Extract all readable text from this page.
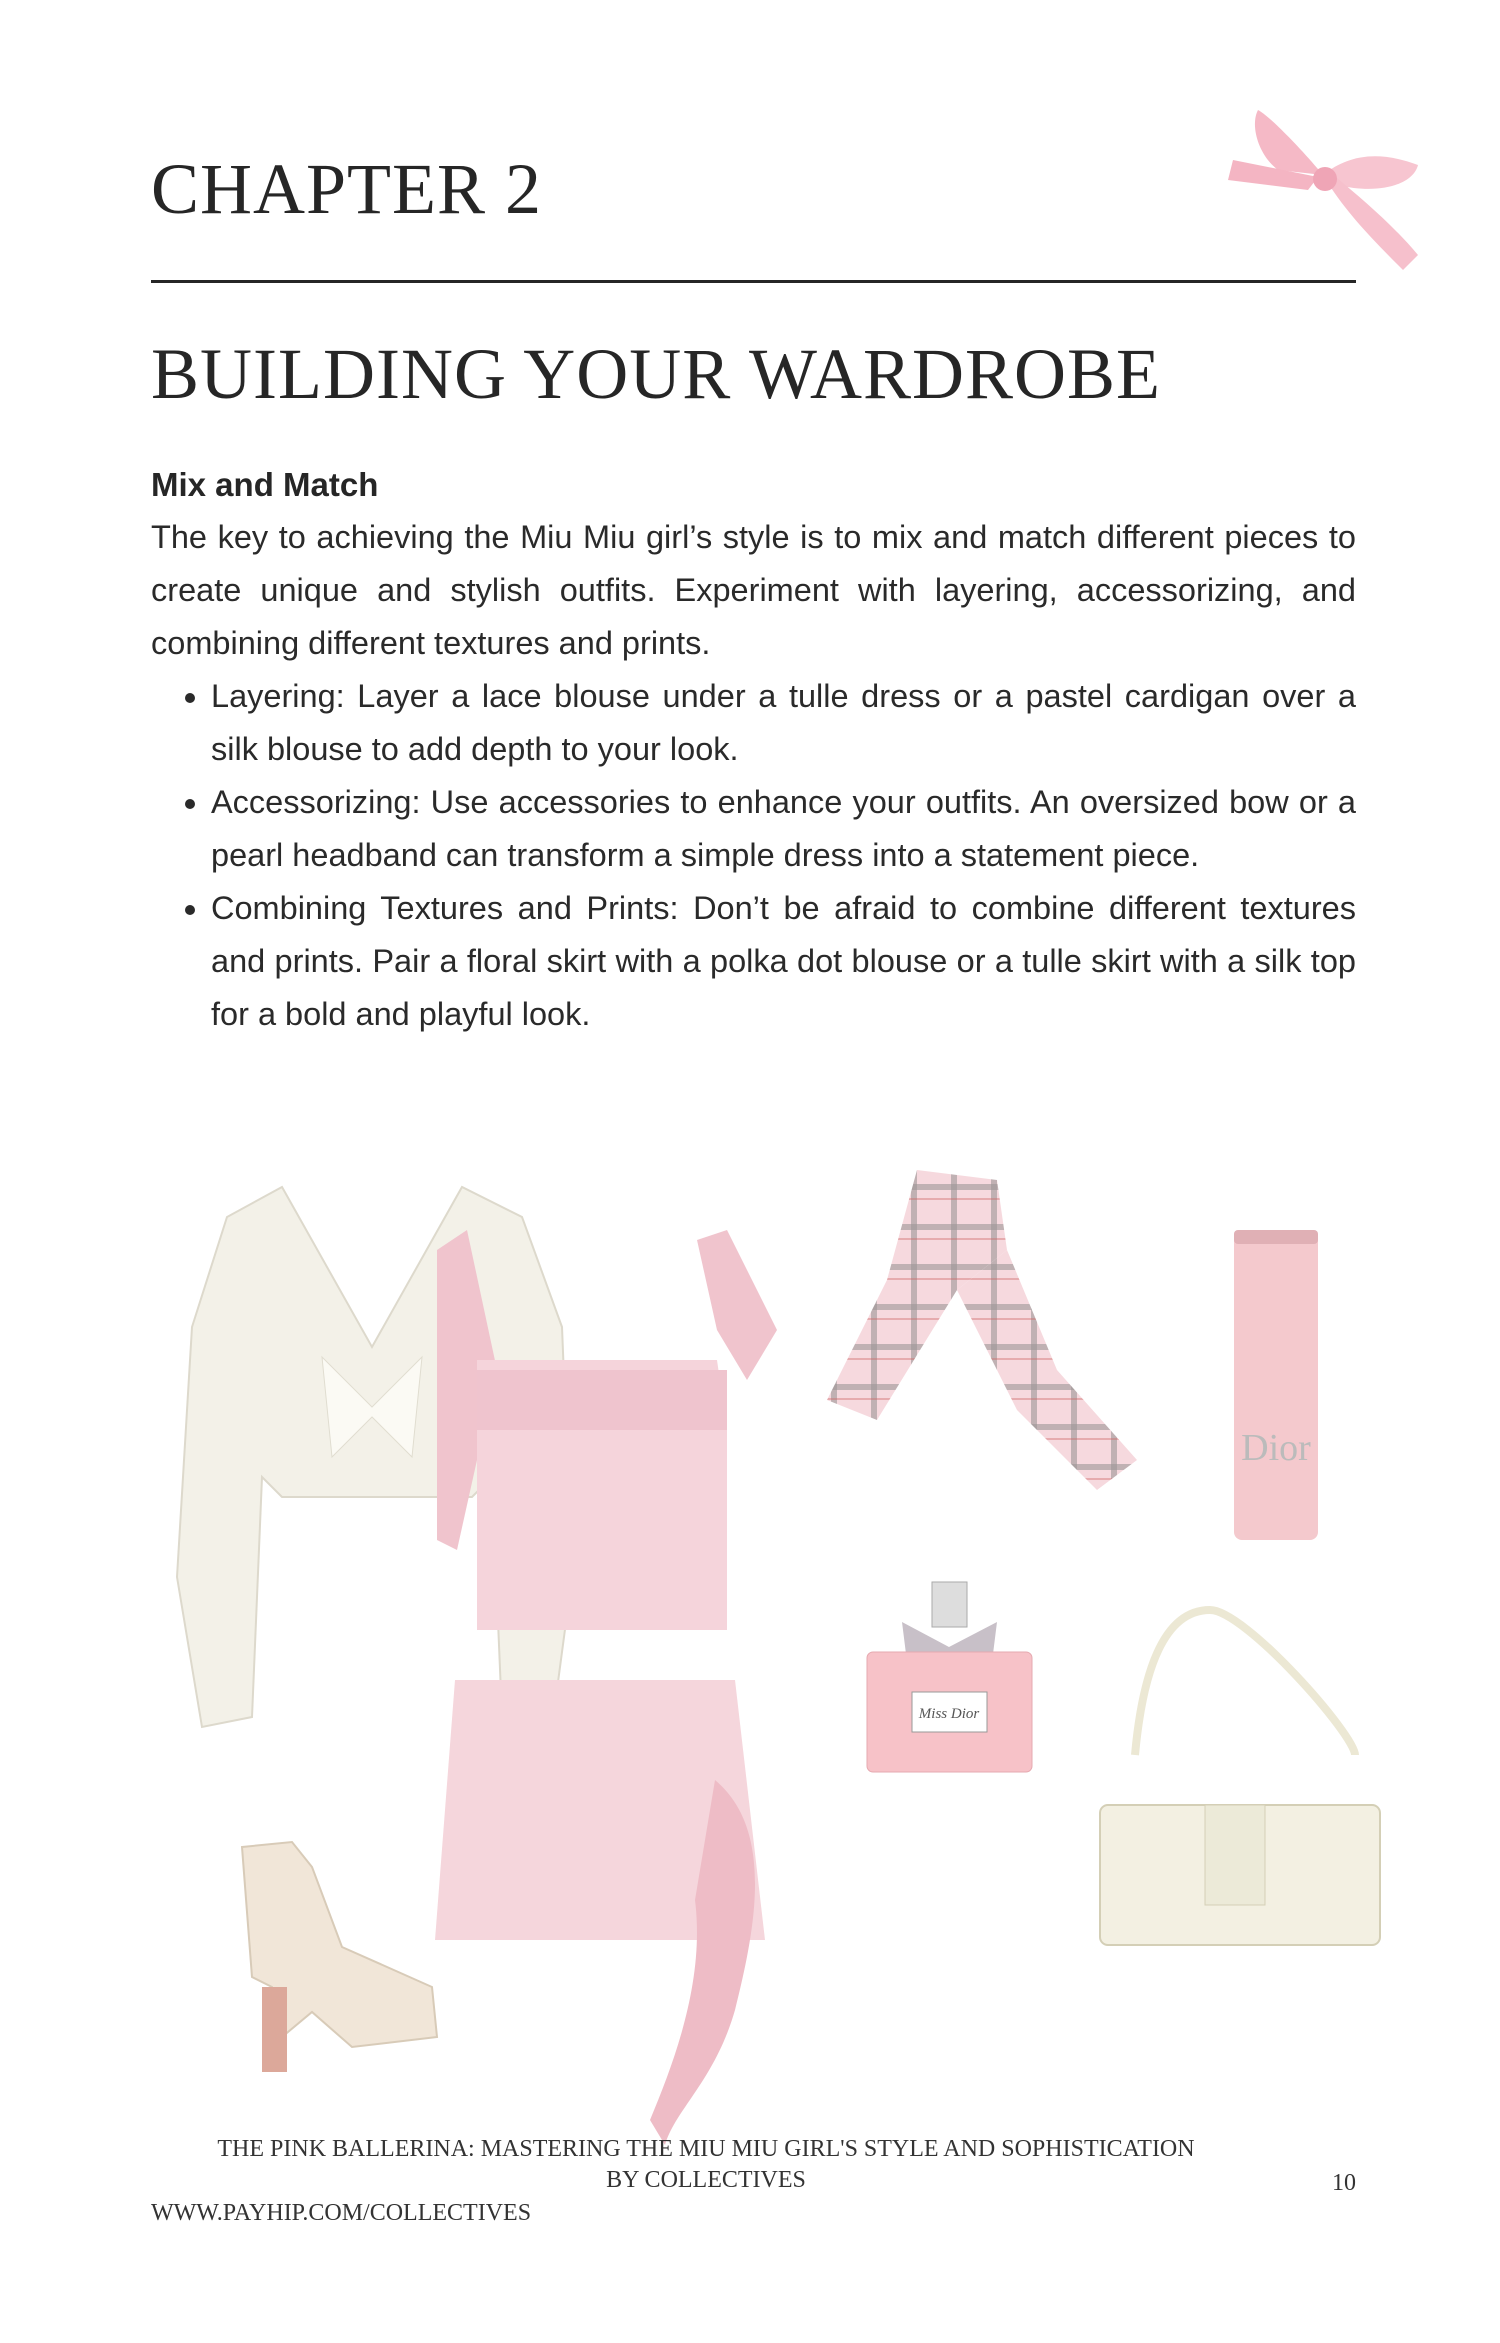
CHAPTER 2
BUILDING YOUR WARDROBE
Mix and Match

The key to achieving the Miu Miu girl’s style is to mix and match different pieces to create unique and stylish outfits. Experiment with layering, accessorizing, and combining different textures and prints.

• Layering: Layer a lace blouse under a tulle dress or a pastel cardigan over a silk blouse to add depth to your look.
• Accessorizing: Use accessories to enhance your outfits. An oversized bow or a pearl headband can transform a simple dress into a statement piece.
• Combining Textures and Prints: Don’t be afraid to combine different textures and prints. Pair a floral skirt with a polka dot blouse or a tulle skirt with a silk top for a bold and playful look.
Dior
Miss Dior
THE PINK BALLERINA: MASTERING THE MIU MIU GIRL'S STYLE AND SOPHISTICATION
BY COLLECTIVES	10
WWW.PAYHIP.COM/COLLECTIVES
